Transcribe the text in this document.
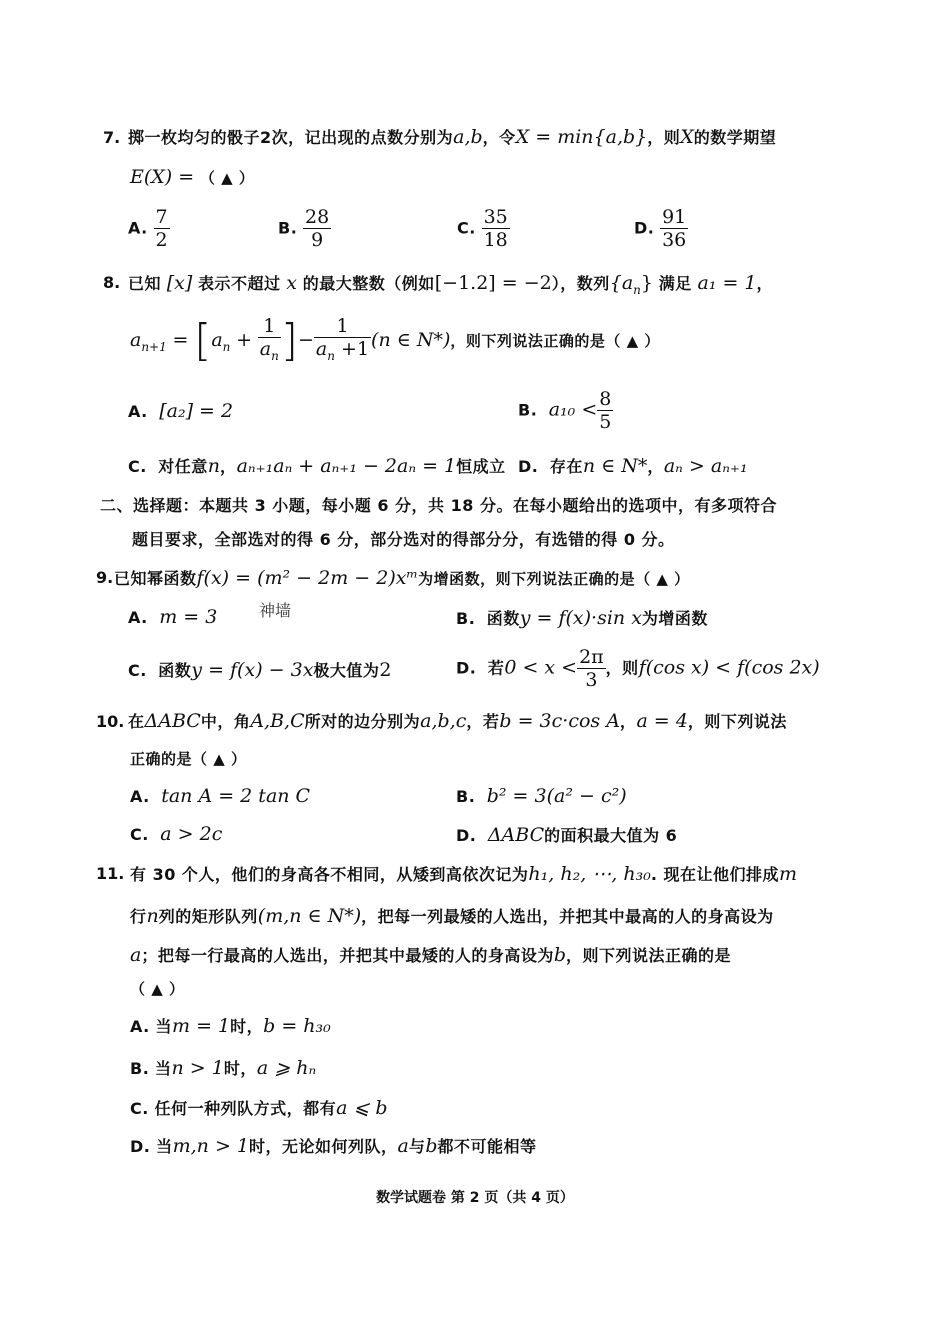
7. 掷一枚均匀的骰子2次，记出现的点数分别为a,b，令X = min{a,b}，则X的数学期望
E(X) = （ ▲ ）
A. $\frac{7}{2}$	B. $\frac{28}{9}$	C. $\frac{35}{18}$	D. $\frac{91}{36}$
8. 已知 [x] 表示不超过 x 的最大整数（例如[−1.2] = −2），数列$\{a_n\}$ 满足 a₁ = 1，
$a_{n+1} = [a_n + \frac{1}{a_n}$ ]− $\frac{1}{a_n +1} (n$ ∈ N*)，则下列说法正确的是（ ▲ ）
A. [a₂] = 2	B. $a_{10} < \frac{8}{5}$
C. 对任意n，aₙ₊₁aₙ + aₙ₊₁ − 2aₙ = 1恒成立 D. 存在n ∈ N*，aₙ > aₙ₊₁
二、选择题：本题共 3 小题，每小题 6 分，共 18 分。在每小题给出的选项中，有多项符合
题目要求，全部选对的得 6 分，部分选对的得部分分，有选错的得 0 分。
9. 已知幂函数f(x) = (m² − 2m − 2)xᵐ为增函数，则下列说法正确的是（ ▲ ）
神墙
A. m = 3	B. 函数y = f(x)·sin x为增函数
C. 函数y = f(x) − 3x极大值为2	D. 若$0 < x < \frac{2\pi}{3}$ ，则f(cos x) < f(cos 2x)
10. 在ΔABC中，角A,B,C所对的边分别为a,b,c，若b = 3c·cos A，a = 4，则下列说法
正确的是（ ▲ ）
A. tan A = 2 tan C	B. b² = 3(a² − c²)
C. a > 2c	D. ΔABC的面积最大值为 6
11. 有 30 个人，他们的身高各不相同，从矮到高依次记为h₁, h₂, ⋯, h₃₀. 现在让他们排成m
行n列的矩形队列(m,n ∈ N*)，把每一列最矮的人选出，并把其中最高的人的身高设为
a；把每一行最高的人选出，并把其中最矮的人的身高设为b，则下列说法正确的是
（ ▲ ）
A. 当m = 1时，b = h₃₀
B. 当n > 1时，a ⩾ hₙ
C. 任何一种列队方式，都有a ⩽ b
D. 当m,n > 1时，无论如何列队，a与b都不可能相等
数学试题卷 第 2 页（共 4 页）
